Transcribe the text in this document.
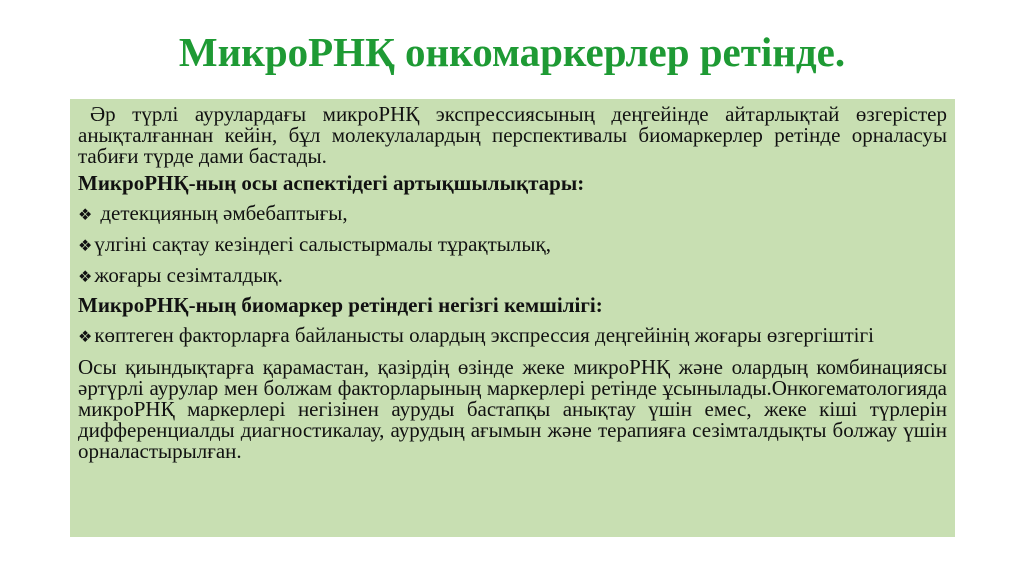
МикроРНҚ онкомаркерлер ретінде.

Әр түрлі аурулардағы микроРНҚ экспрессиясының деңгейінде айтарлықтай өзгерістер анықталғаннан кейін, бұл молекулалардың перспективалы биомаркерлер ретінде орналасуы табиғи түрде дами бастады.

МикроРНҚ-ның осы аспектідегі артықшылықтары:

❖ детекцияның әмбебаптығы,

❖үлгіні сақтау кезіндегі салыстырмалы тұрақтылық,

❖жоғары сезімталдық.

МикроРНҚ-ның биомаркер ретіндегі негізгі кемшілігі:

❖көптеген факторларға байланысты олардың экспрессия деңгейінің жоғары өзгергіштігі

Осы қиындықтарға қарамастан, қазірдің өзінде жеке микроРНҚ және олардың комбинациясы әртүрлі аурулар мен болжам факторларының маркерлері ретінде ұсынылады.Онкогематологияда микроРНҚ маркерлері негізінен ауруды бастапқы анықтау үшін емес, жеке кіші түрлерін дифференциалды диагностикалау, аурудың ағымын және терапияға сезімталдықты болжау үшін орналастырылған.
